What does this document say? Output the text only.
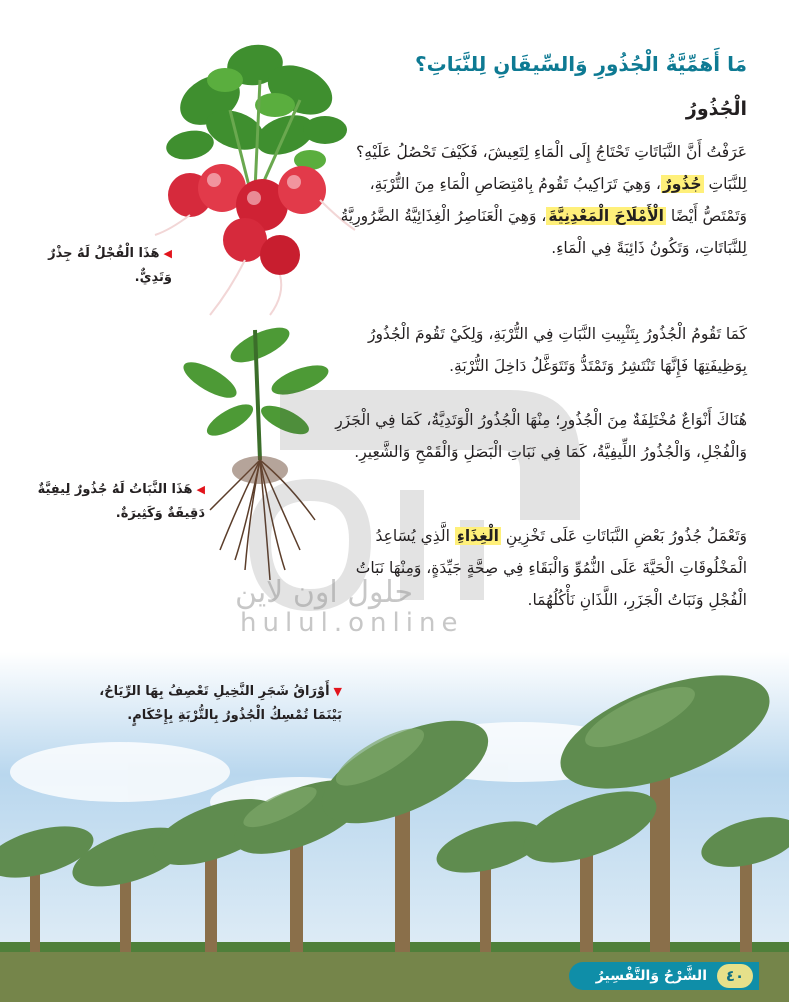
حلول اون لاين
hulul.online
مَا أَهَمِّيَّةُ الْجُذُورِ وَالسِّيقَانِ لِلنَّبَاتِ؟
الْجُذُورُ
عَرَفْتُ أَنَّ النَّبَاتَاتِ تَحْتَاجُ إِلَى الْمَاءِ لِتَعِيشَ، فَكَيْفَ تَحْصُلُ عَلَيْهِ؟ لِلنَّبَاتِ جُذُورٌ، وَهِيَ تَرَاكِيبُ تَقُومُ بِامْتِصَاصِ الْمَاءِ مِنَ التُّرْبَةِ، وَتَمْتَصُّ أَيْضًا الْأَمْلَاحَ الْمَعْدِنِيَّةَ، وَهِيَ الْعَنَاصِرُ الْغِذَائِيَّةُ الضَّرُورِيَّةُ لِلنَّبَاتَاتِ، وَتَكُونُ ذَائِبَةً فِي الْمَاءِ.
كَمَا تَقُومُ الْجُذُورُ بِتَثْبِيتِ النَّبَاتِ فِي التُّرْبَةِ، وَلِكَيْ تَقُومَ الْجُذُورُ بِوَظِيفَتِهَا فَإِنَّهَا تَنْتَشِرُ وَتَمْتَدُّ وَتَتَوَغَّلُ دَاخِلَ التُّرْبَةِ.
هُنَاكَ أَنْوَاعٌ مُخْتَلِفَةٌ مِنَ الْجُذُورِ؛ مِنْهَا الْجُذُورُ الْوَتَدِيَّةُ، كَمَا فِي الْجَزَرِ وَالْفُجْلِ، وَالْجُذُورُ اللِّيفِيَّةُ، كَمَا فِي نَبَاتِ الْبَصَلِ وَالْقَمْحِ وَالشَّعِيرِ.
وَتَعْمَلُ جُذُورُ بَعْضِ النَّبَاتَاتِ عَلَى تَخْزِينِ الْغِذَاءِ الَّذِي يُسَاعِدُ الْمَخْلُوقَاتِ الْحَيَّةَ عَلَى النُّمُوِّ وَالْبَقَاءِ فِي صِحَّةٍ جَيِّدَةٍ، وَمِنْهَا نَبَاتُ الْفُجْلِ وَنَبَاتُ الْجَزَرِ، اللَّذَانِ نَأْكُلُهُمَا.
◀هَذَا الْفُجْلُ لَهُ جِذْرٌ وَتَدِيٌّ.
◀هَذَا النَّبَاتُ لَهُ جُذُورٌ لِيفِيَّةٌ دَقِيقَةٌ وَكَثِيرَةٌ.
▼أَوْرَاقُ شَجَرِ النَّخِيلِ تَعْصِفُ بِهَا الرِّيَاحُ، بَيْنَمَا تُمْسِكُ الْجُذُورُ بِالتُّرْبَةِ بِإِحْكَامٍ.
الشَّرْحُ وَالتَّفْسِيرُ	٤٠
